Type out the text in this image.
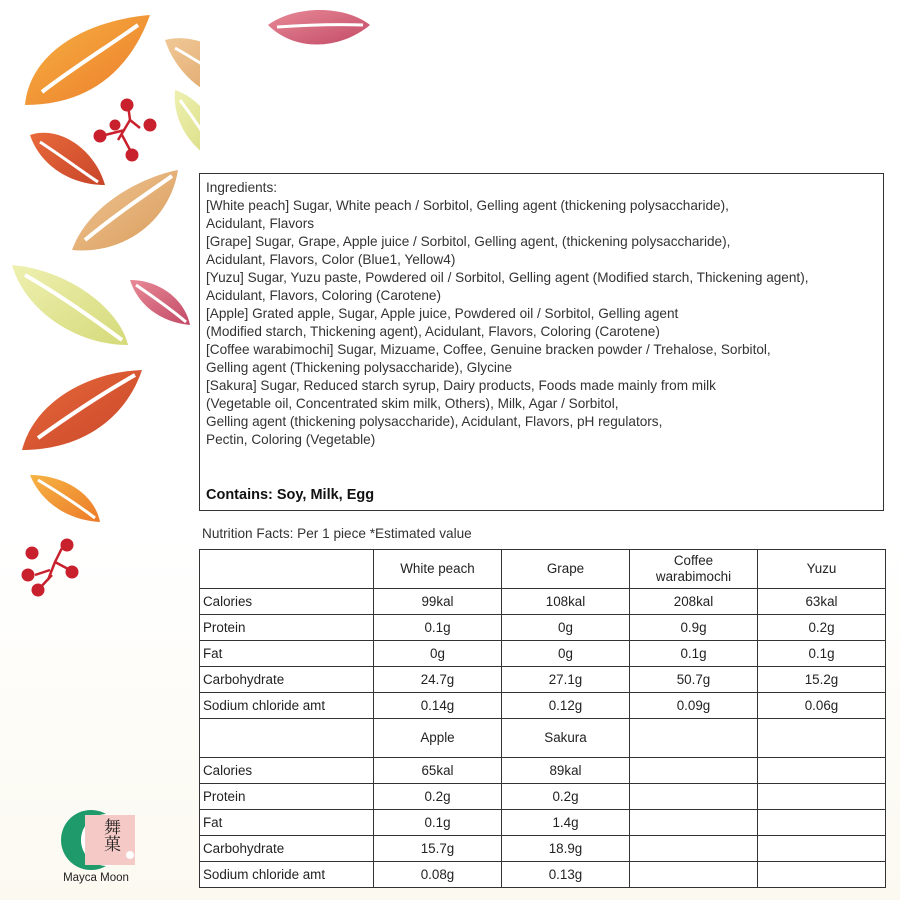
Ingredients:

[White peach] Sugar, White peach / Sorbitol, Gelling agent (thickening polysaccharide),

Acidulant, Flavors

[Grape] Sugar, Grape, Apple juice / Sorbitol, Gelling agent, (thickening polysaccharide),

Acidulant, Flavors, Color (Blue1, Yellow4)

[Yuzu] Sugar, Yuzu paste, Powdered oil / Sorbitol, Gelling agent (Modified starch, Thickening agent),

Acidulant, Flavors, Coloring (Carotene)

[Apple] Grated apple, Sugar, Apple juice, Powdered oil / Sorbitol, Gelling agent

(Modified starch, Thickening agent), Acidulant, Flavors, Coloring (Carotene)

[Coffee warabimochi] Sugar, Mizuame, Coffee, Genuine bracken powder / Trehalose, Sorbitol,

Gelling agent (Thickening polysaccharide), Glycine

[Sakura] Sugar, Reduced starch syrup, Dairy products, Foods made mainly from milk

(Vegetable oil, Concentrated skim milk, Others), Milk, Agar / Sorbitol,

Gelling agent (thickening polysaccharide), Acidulant, Flavors, pH regulators,

Pectin, Coloring (Vegetable)

Contains: Soy, Milk, Egg
Nutrition Facts: Per 1 piece *Estimated value
	White peach	Grape	Coffee warabimochi	Yuzu
Calories	99kal	108kal	208kal	63kal
Protein	0.1g	0g	0.9g	0.2g
Fat	0g	0g	0.1g	0.1g
Carbohydrate	24.7g	27.1g	50.7g	15.2g
Sodium chloride amt	0.14g	0.12g	0.09g	0.06g
	Apple	Sakura		
Calories	65kal	89kal		
Protein	0.2g	0.2g		
Fat	0.1g	1.4g		
Carbohydrate	15.7g	18.9g		
Sodium chloride amt	0.08g	0.13g		
舞菓
Mayca Moon
